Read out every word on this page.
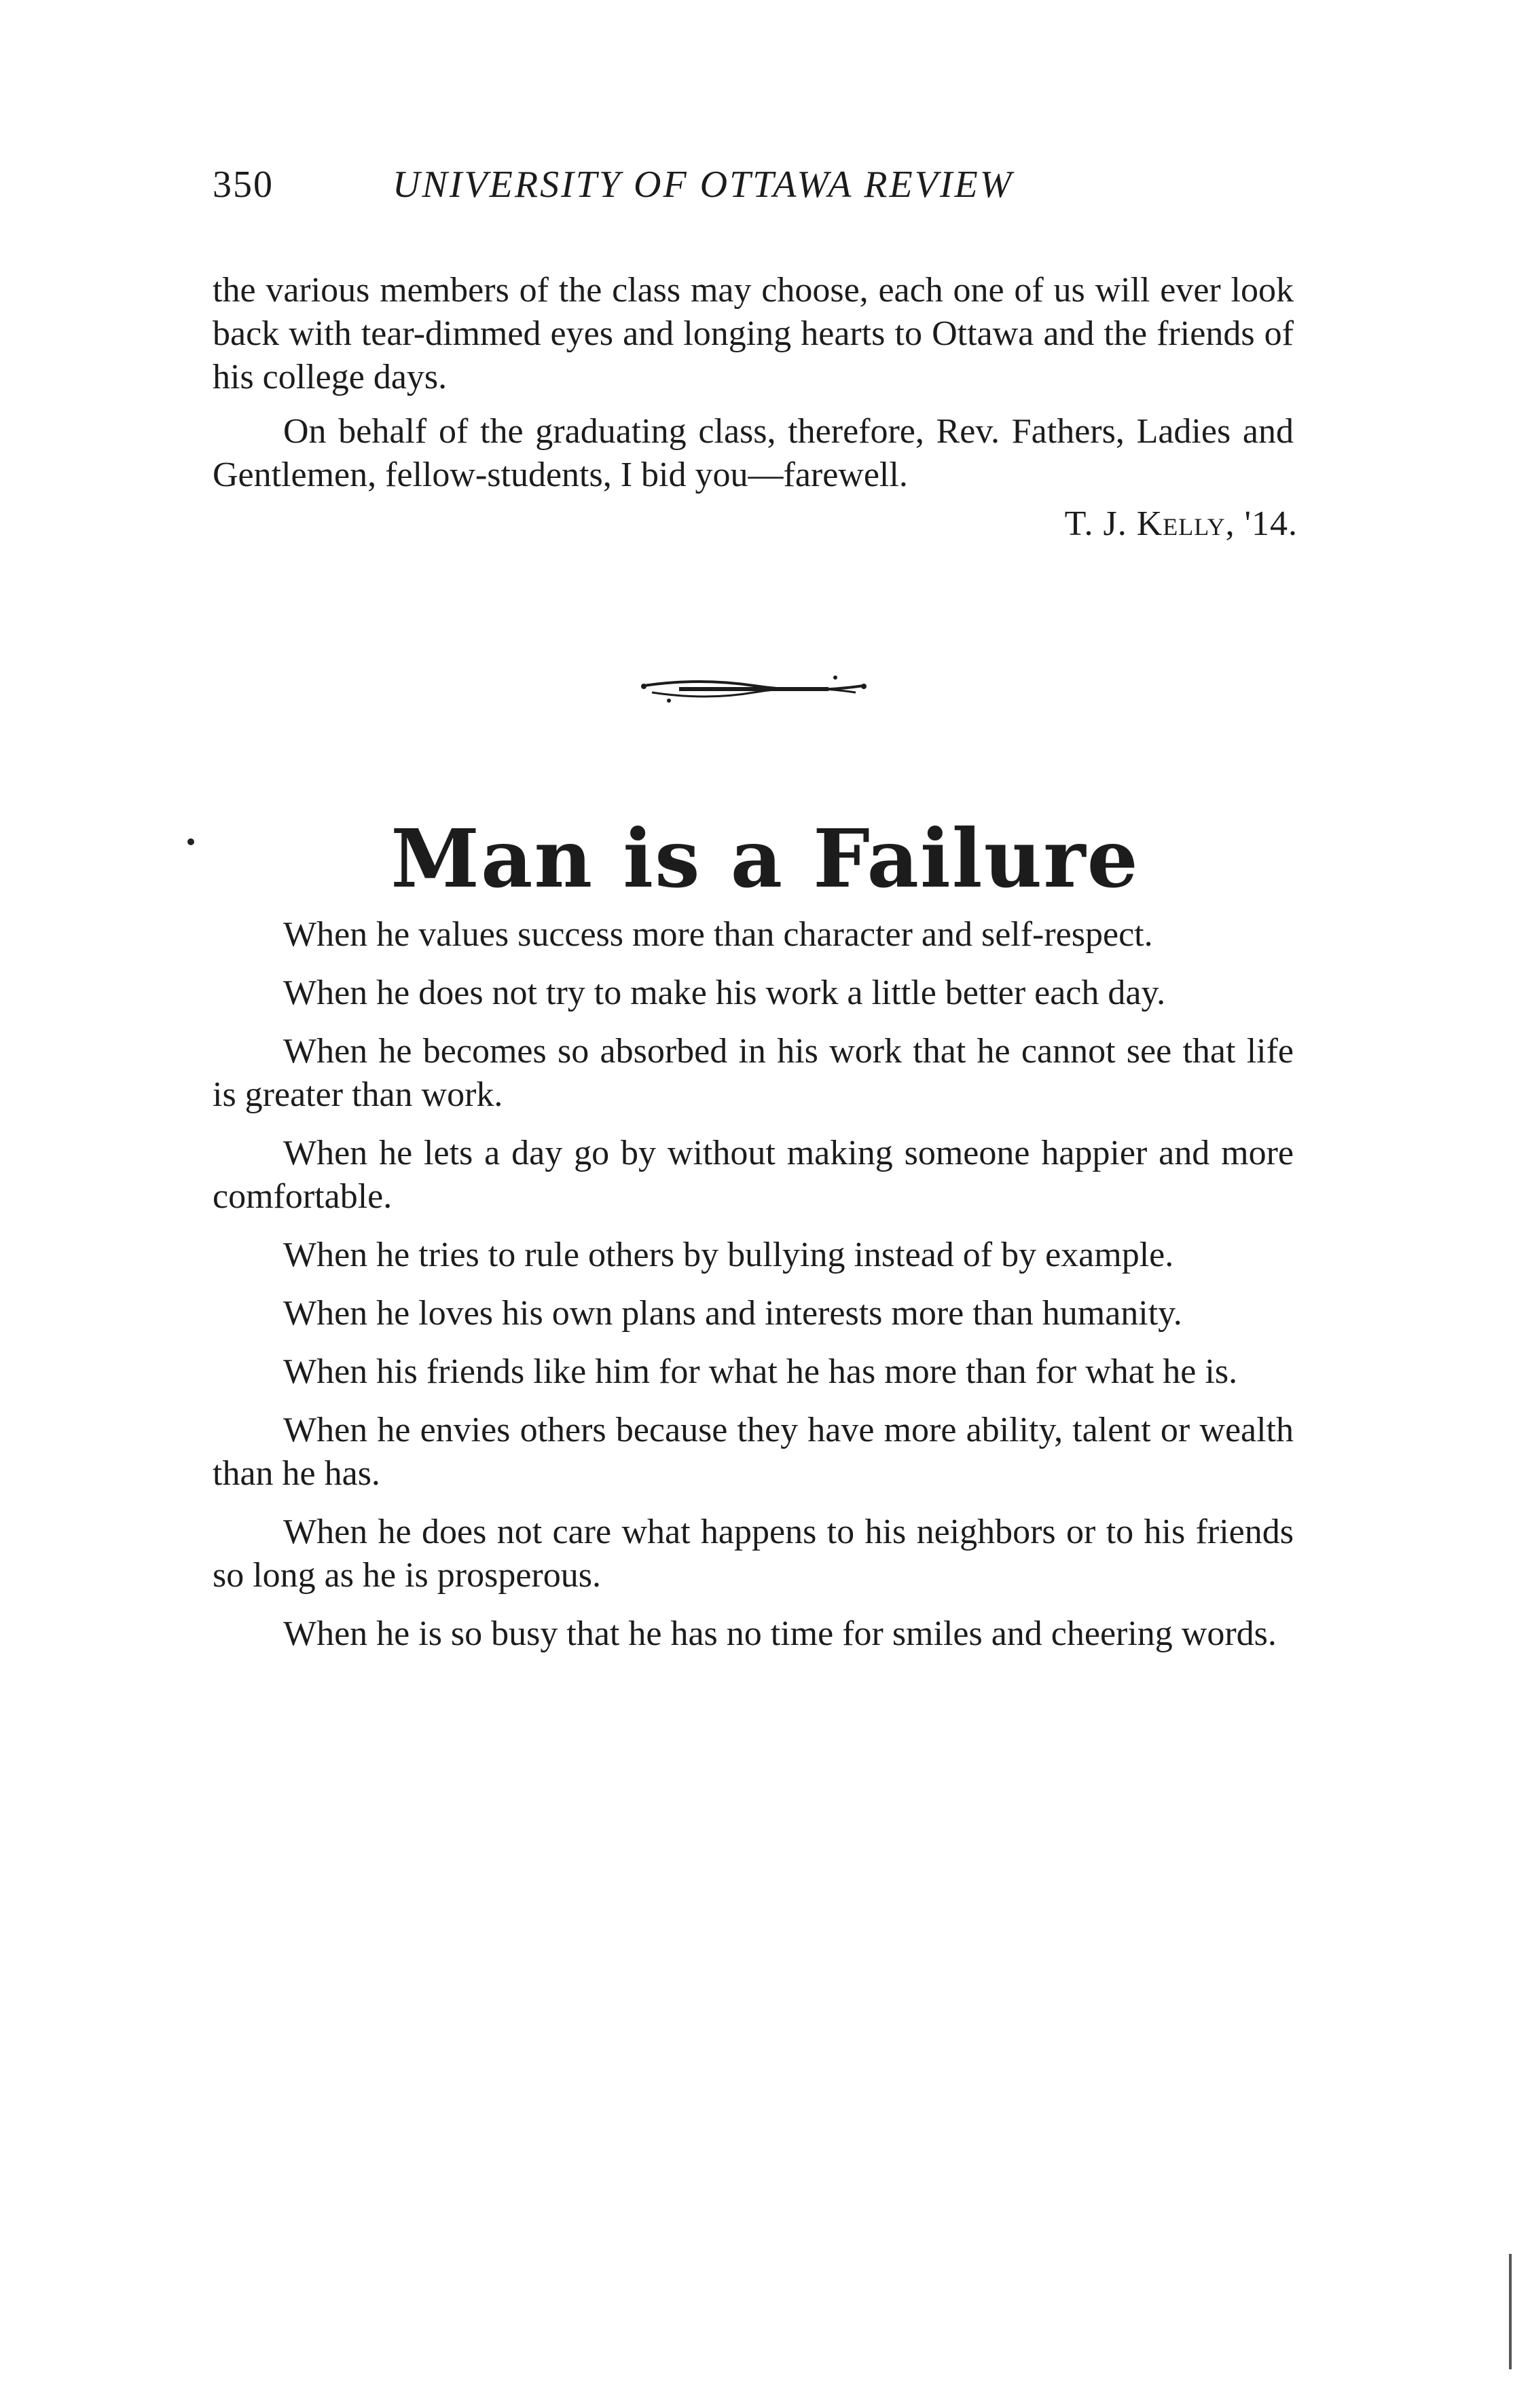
350	UNIVERSITY OF OTTAWA REVIEW

the various members of the class may choose, each one of us will ever look back with tear-dimmed eyes and longing hearts to Ottawa and the friends of his college days.

On behalf of the graduating class, therefore, Rev. Fathers, Ladies and Gentlemen, fellow-students, I bid you—farewell.

T. J. Kelly, '14.
Man is a Failure

When he values success more than character and self-respect.

When he does not try to make his work a little better each day.

When he becomes so absorbed in his work that he cannot see that life is greater than work.

When he lets a day go by without making someone happier and more comfortable.

When he tries to rule others by bullying instead of by example.

When he loves his own plans and interests more than humanity.

When his friends like him for what he has more than for what he is.

When he envies others because they have more ability, talent or wealth than he has.

When he does not care what happens to his neighbors or to his friends so long as he is prosperous.

When he is so busy that he has no time for smiles and cheering words.
